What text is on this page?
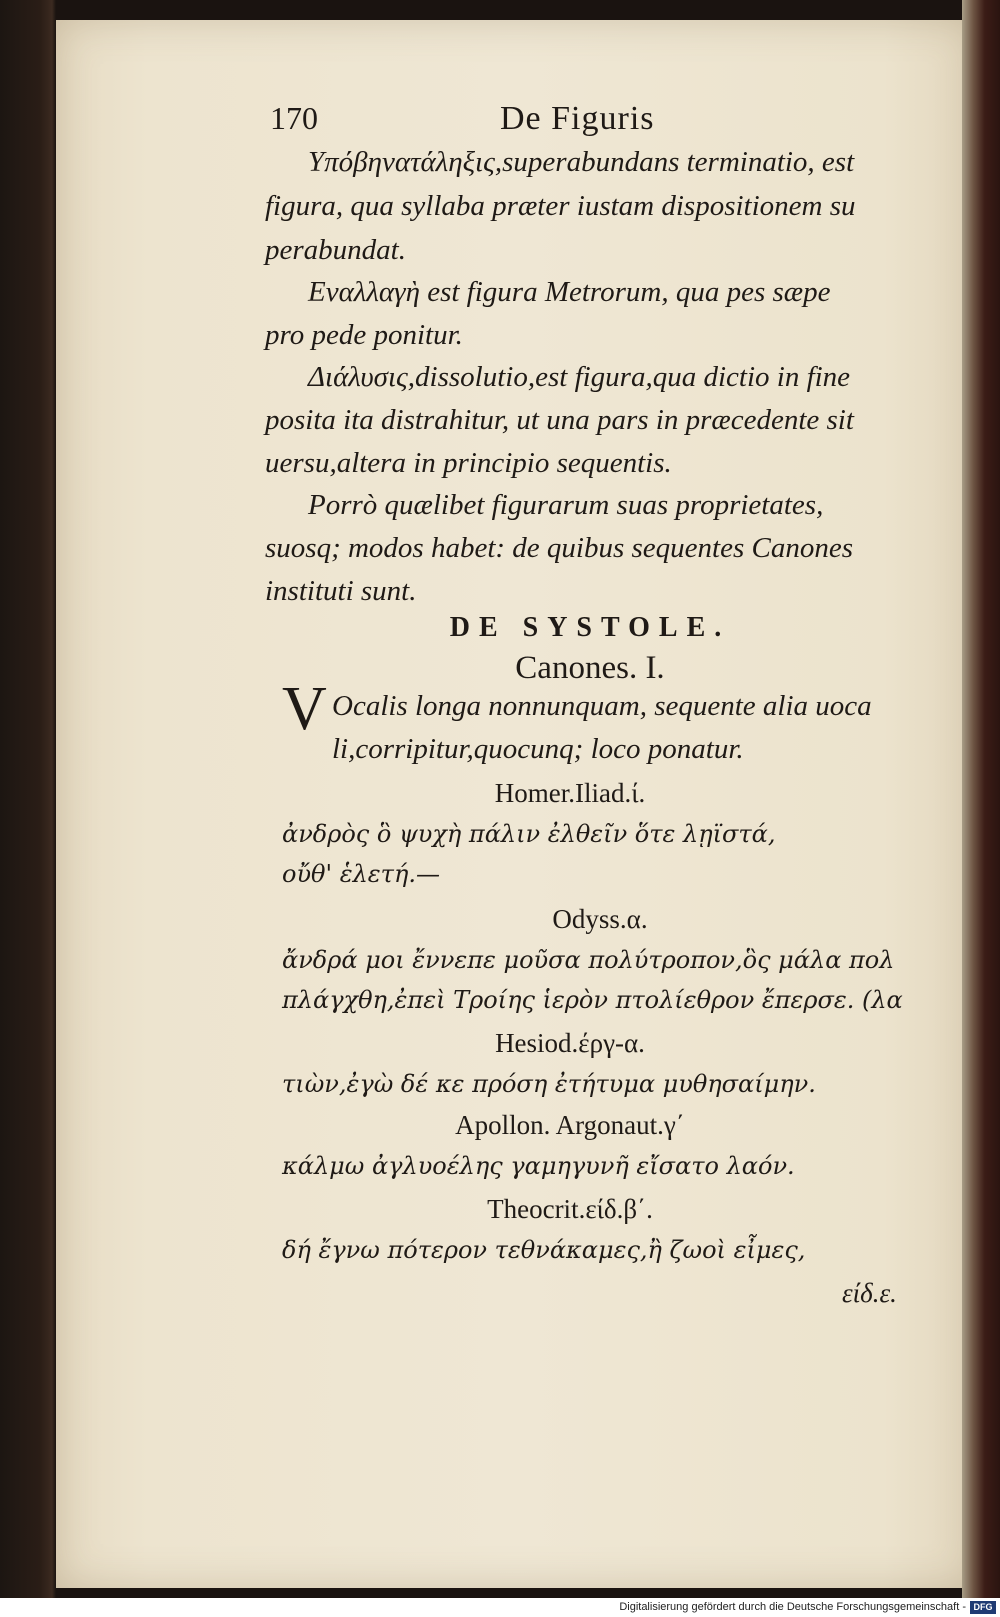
170	De Figuris
Υπόβηνατάληξις,superabundans terminatio, est
figura, qua syllaba præter iustam dispositionem su
perabundat.
Εναλλαγὴ est figura Metrorum, qua pes sæpe
pro pede ponitur.
Διάλυσις,dissolutio,est figura,qua dictio in fine
posita ita distrahitur, ut una pars in præcedente sit
uersu,altera in principio sequentis.
Porrò quælibet figurarum suas proprietates,
suosq; modos habet: de quibus sequentes Canones
instituti sunt.
DE SYSTOLE.
Canones. I.
V Ocalis longa nonnunquam, sequente alia uoca
li,corripitur,quocunq; loco ponatur.
Homer.Iliad.ί.
ἀνδρὸς ὃ ψυχὴ πάλιν ἐλθεῖν ὅτε λῃϊστά,
οὔθ' ἑλετή.—
Odyss.α.
ἄνδρά μοι ἔννεπε μοῦσα πολύτροπον,ὃς μάλα πολ
πλάγχθη,ἐπεὶ Τροίης ἱερὸν πτολίεθρον ἔπερσε. (λα
Hesiod.έργ-α.
τιὼν,ἐγὼ δέ κε πρόση ἐτήτυμα μυθησαίμην.
Apollon. Argonaut.γ΄
κάλμω ἀγλυοέλης γαμηγυνῆ εἴσατο λαόν.
Theocrit.είδ.β΄.
δή ἔγνω πότερον τεθνάκαμες,ἢ ζωοὶ εἶμες,
είδ.ε.
Digitalisierung gefördert durch die Deutsche Forschungsgemeinschaft - DFG
